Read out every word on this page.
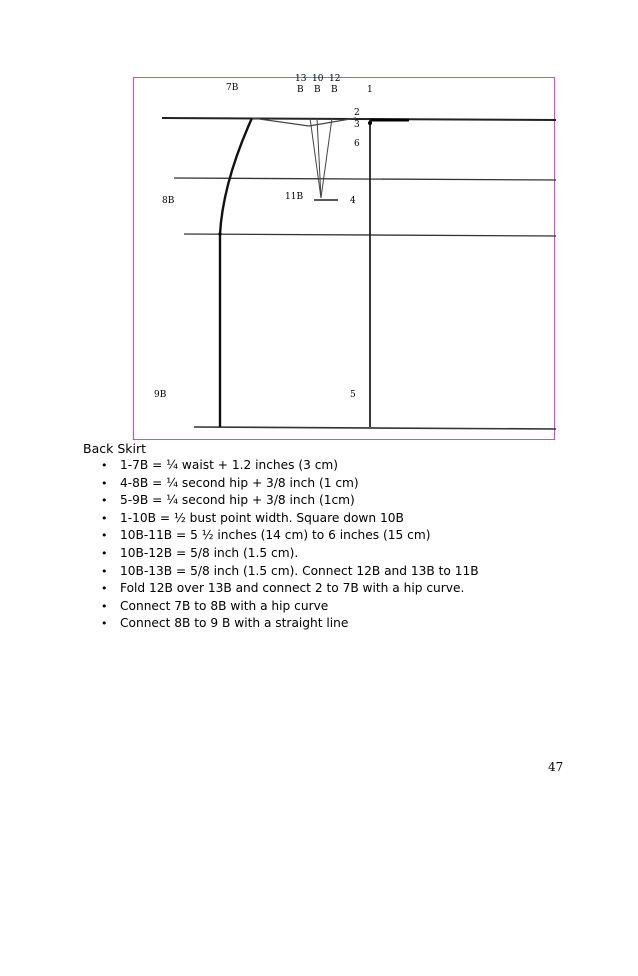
7B
13
B
10
B
12
B	1
2
3
6
8B	11B	4
9B	5
Back Skirt
• 1-7B = ¼ waist + 1.2 inches (3 cm)
• 4-8B = ¼ second hip + 3/8 inch (1 cm)
• 5-9B = ¼ second hip + 3/8 inch (1cm)
• 1-10B = ½ bust point width. Square down 10B
• 10B-11B = 5 ½ inches (14 cm) to 6 inches (15 cm)
• 10B-12B = 5/8 inch (1.5 cm).
• 10B-13B = 5/8 inch (1.5 cm). Connect 12B and 13B to 11B
• Fold 12B over 13B and connect 2 to 7B with a hip curve.
• Connect 7B to 8B with a hip curve
• Connect 8B to 9 B with a straight line
47
